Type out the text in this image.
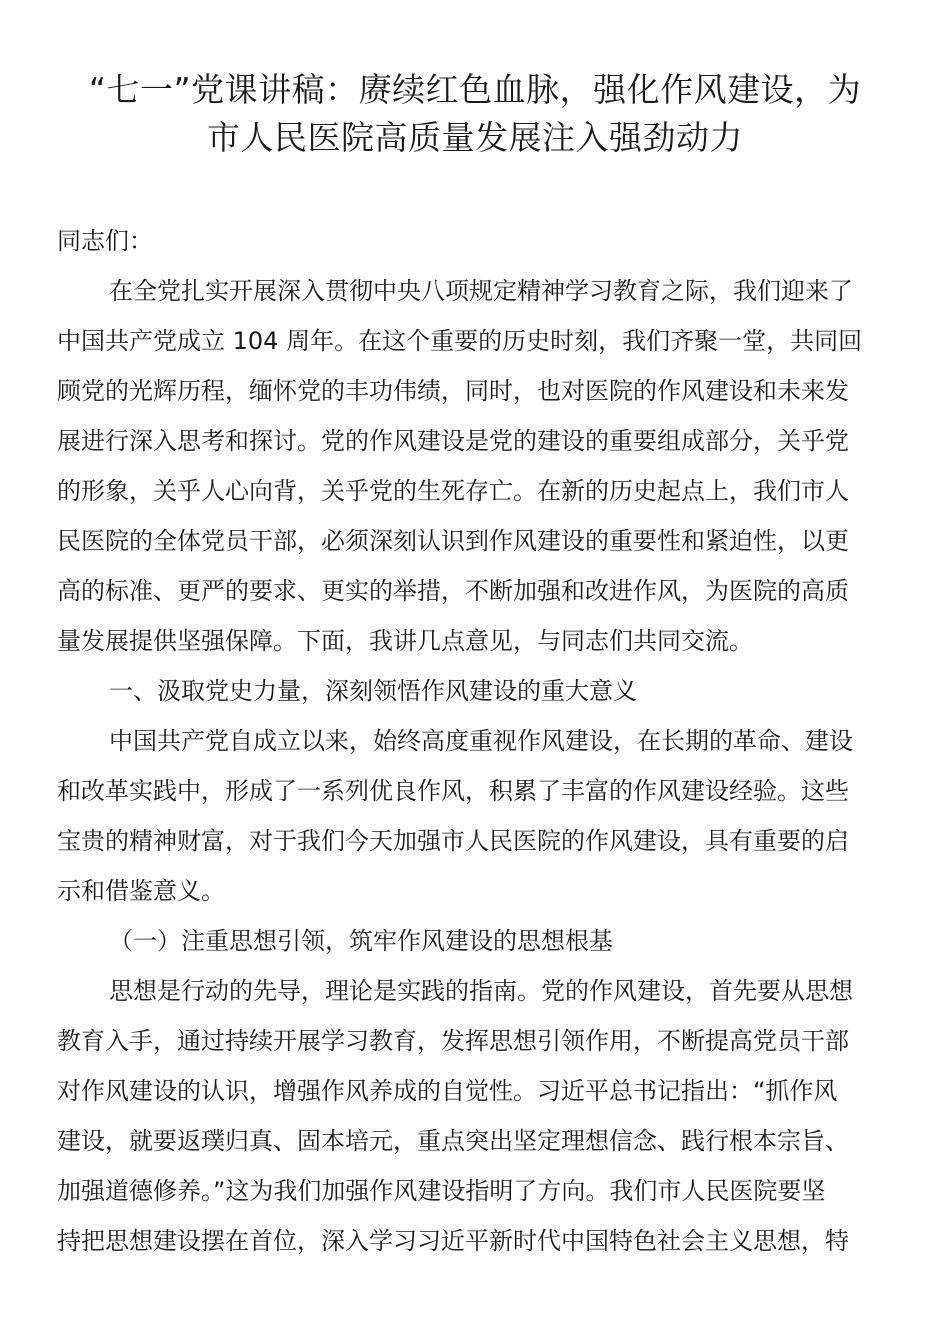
“七一”党课讲稿：赓续红色血脉，强化作风建设，为
市人民医院高质量发展注入强劲动力

同志们：

在全党扎实开展深入贯彻中央八项规定精神学习教育之际，我们迎来了

中国共产党成立 104 周年。在这个重要的历史时刻，我们齐聚一堂，共同回

顾党的光辉历程，缅怀党的丰功伟绩，同时，也对医院的作风建设和未来发

展进行深入思考和探讨。党的作风建设是党的建设的重要组成部分，关乎党

的形象，关乎人心向背，关乎党的生死存亡。在新的历史起点上，我们市人

民医院的全体党员干部，必须深刻认识到作风建设的重要性和紧迫性，以更

高的标准、更严的要求、更实的举措，不断加强和改进作风，为医院的高质

量发展提供坚强保障。下面，我讲几点意见，与同志们共同交流。

一、汲取党史力量，深刻领悟作风建设的重大意义

中国共产党自成立以来，始终高度重视作风建设，在长期的革命、建设

和改革实践中，形成了一系列优良作风，积累了丰富的作风建设经验。这些

宝贵的精神财富，对于我们今天加强市人民医院的作风建设，具有重要的启

示和借鉴意义。

（一）注重思想引领，筑牢作风建设的思想根基

思想是行动的先导，理论是实践的指南。党的作风建设，首先要从思想

教育入手，通过持续开展学习教育，发挥思想引领作用，不断提高党员干部

对作风建设的认识，增强作风养成的自觉性。习近平总书记指出：“抓作风

建设，就要返璞归真、固本培元，重点突出坚定理想信念、践行根本宗旨、

加强道德修养。”这为我们加强作风建设指明了方向。我们市人民医院要坚

持把思想建设摆在首位，深入学习习近平新时代中国特色社会主义思想，特
